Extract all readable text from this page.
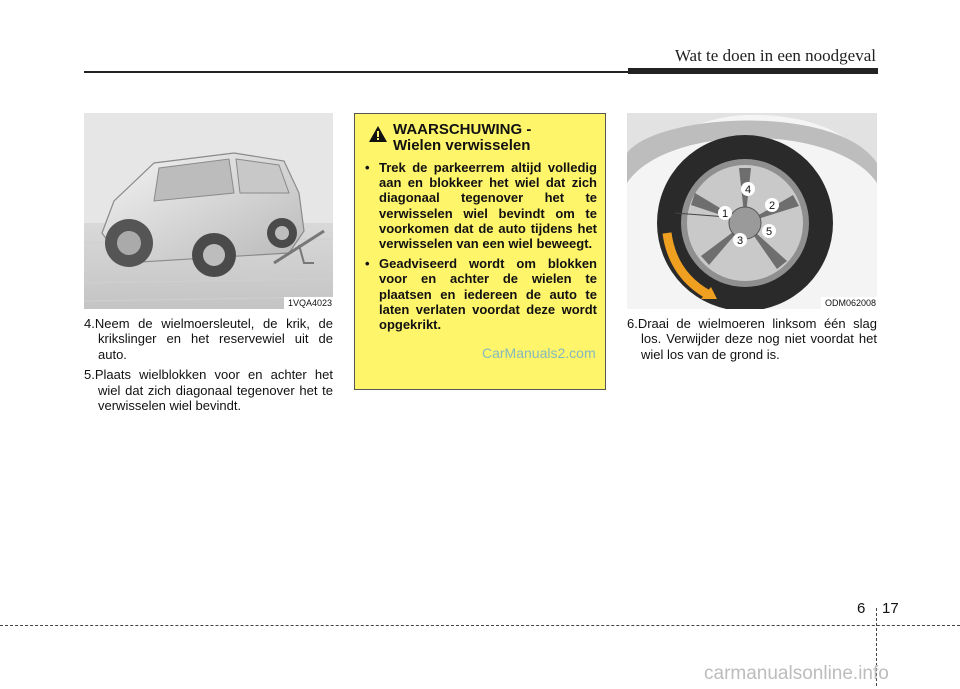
Wat te doen in een noodgeval
1VQA4023
4.Neem de wielmoersleutel, de krik, de krikslinger en het reservewiel uit de auto.
5.Plaats wielblokken voor en achter het wiel dat zich diagonaal tegenover het te verwisselen wiel bevindt.
WAARSCHUWING -
Wielen verwisselen
• Trek de parkeerrem altijd volledig aan en blokkeer het wiel dat zich diagonaal tegenover het te verwisselen wiel bevindt om te voorkomen dat de auto tijdens het verwisselen van een wiel beweegt.
• Geadviseerd wordt om blokken voor en achter de wielen te plaatsen en iedereen de auto te laten verlaten voordat deze wordt opgekrikt.
CarManuals2.com
1
2
3
4
5
ODM062008
6.Draai de wielmoeren linksom één slag los. Verwijder deze nog niet voordat het wiel los van de grond is.
6 17
carmanualsonline.info
